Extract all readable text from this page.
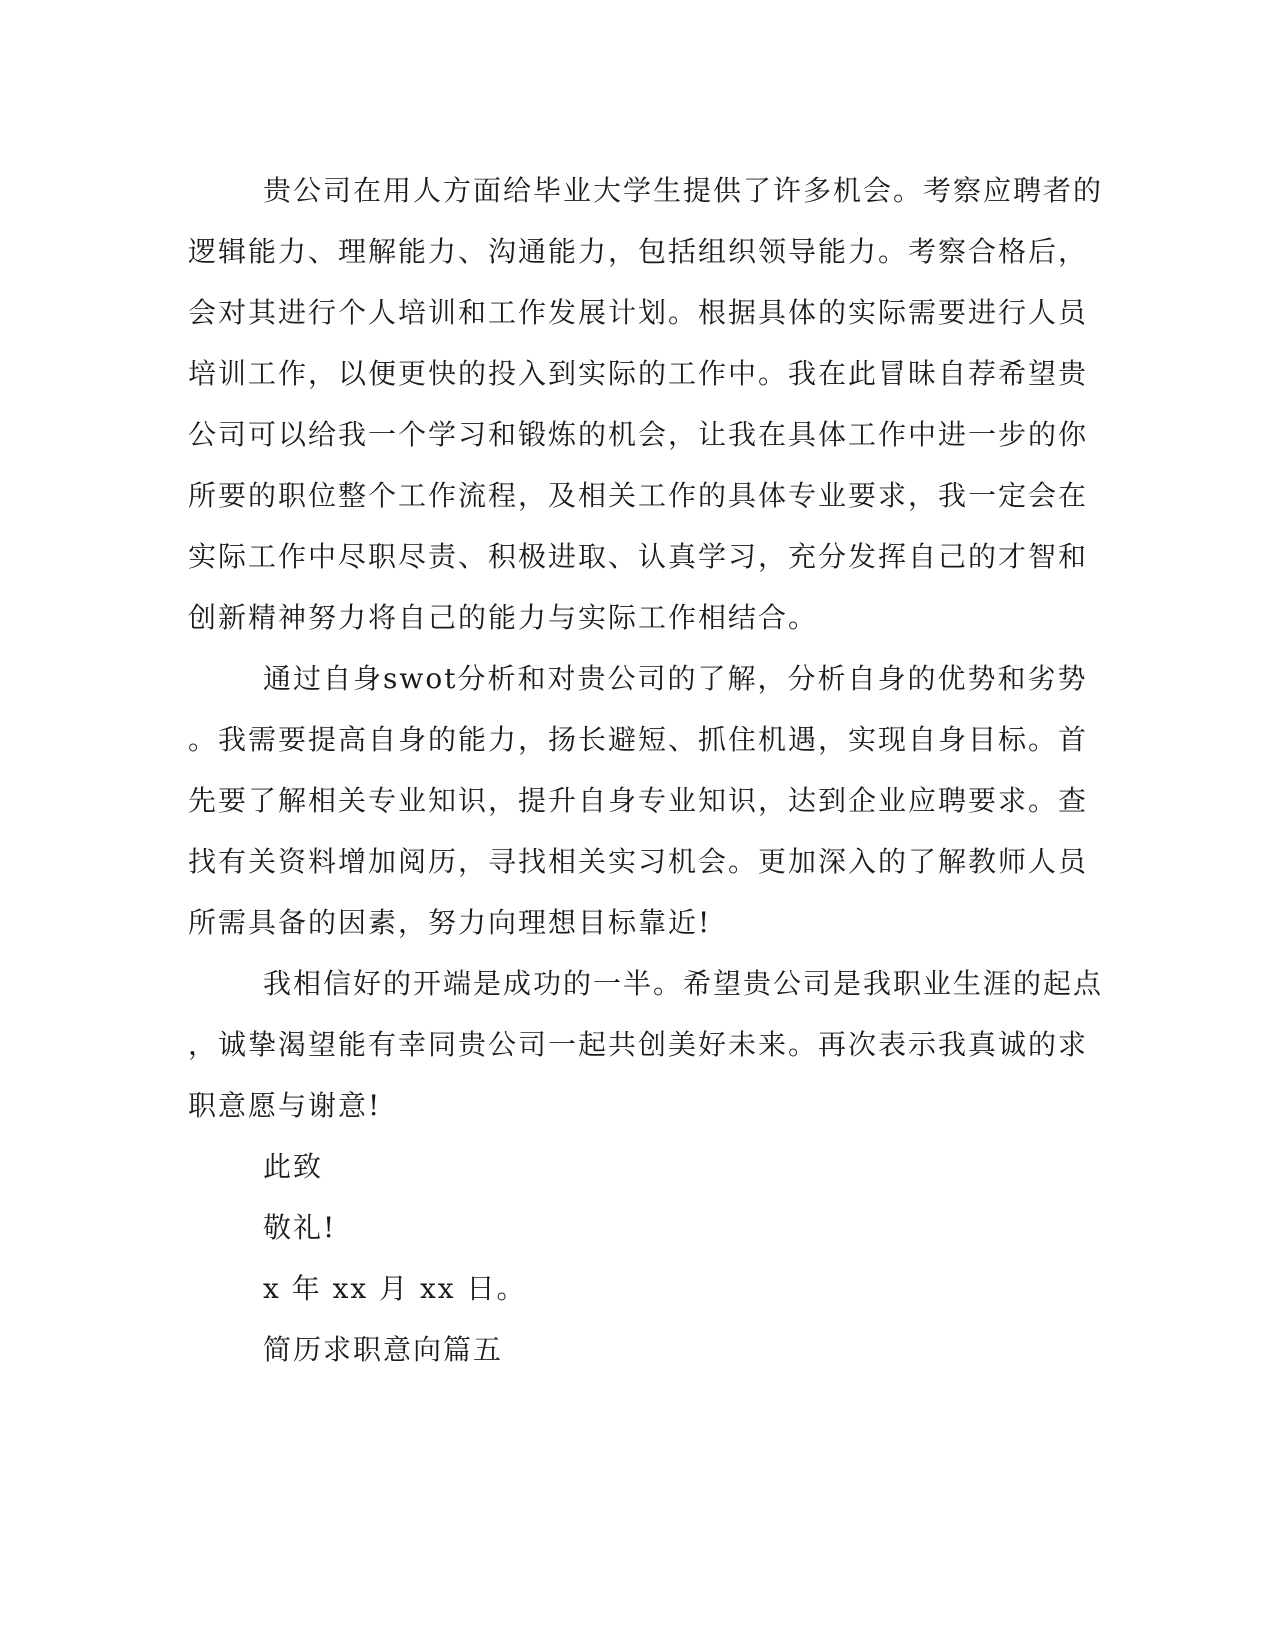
贵公司在用人方面给毕业大学生提供了许多机会。考察应聘者的

逻辑能力、理解能力、沟通能力，包括组织领导能力。考察合格后，

会对其进行个人培训和工作发展计划。根据具体的实际需要进行人员

培训工作，以便更快的投入到实际的工作中。我在此冒昧自荐希望贵

公司可以给我一个学习和锻炼的机会，让我在具体工作中进一步的你

所要的职位整个工作流程，及相关工作的具体专业要求，我一定会在

实际工作中尽职尽责、积极进取、认真学习，充分发挥自己的才智和

创新精神努力将自己的能力与实际工作相结合。

通过自身swot分析和对贵公司的了解，分析自身的优势和劣势

。我需要提高自身的能力，扬长避短、抓住机遇，实现自身目标。首

先要了解相关专业知识，提升自身专业知识，达到企业应聘要求。查

找有关资料增加阅历，寻找相关实习机会。更加深入的了解教师人员

所需具备的因素，努力向理想目标靠近!

我相信好的开端是成功的一半。希望贵公司是我职业生涯的起点

，诚挚渴望能有幸同贵公司一起共创美好未来。再次表示我真诚的求

职意愿与谢意!

此致

敬礼!

x 年 xx 月 xx 日。

简历求职意向篇五
